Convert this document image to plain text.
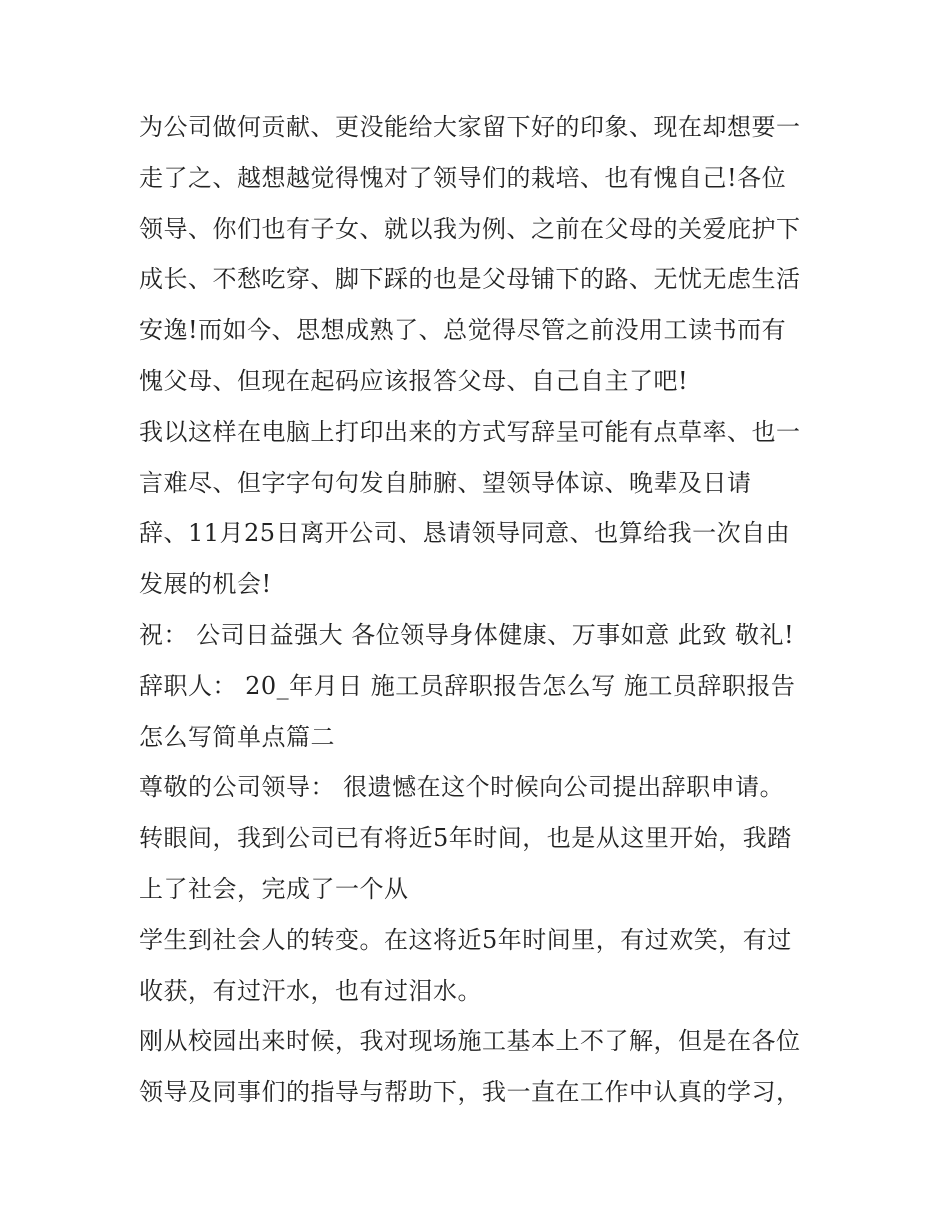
为公司做何贡献、更没能给大家留下好的印象、现在却想要一
走了之、越想越觉得愧对了领导们的栽培、也有愧自己!各位
领导、你们也有子女、就以我为例、之前在父母的关爱庇护下
成长、不愁吃穿、脚下踩的也是父母铺下的路、无忧无虑生活
安逸!而如今、思想成熟了、总觉得尽管之前没用工读书而有
愧父母、但现在起码应该报答父母、自己自主了吧!
我以这样在电脑上打印出来的方式写辞呈可能有点草率、也一
言难尽、但字字句句发自肺腑、望领导体谅、晚辈及日请
辞、11月25日离开公司、恳请领导同意、也算给我一次自由
发展的机会!
祝： 公司日益强大 各位领导身体健康、万事如意 此致 敬礼!
辞职人： 20_年月日 施工员辞职报告怎么写 施工员辞职报告
怎么写简单点篇二
尊敬的公司领导： 很遗憾在这个时候向公司提出辞职申请。
转眼间，我到公司已有将近5年时间，也是从这里开始，我踏
上了社会，完成了一个从
学生到社会人的转变。在这将近5年时间里，有过欢笑，有过
收获，有过汗水，也有过泪水。
刚从校园出来时候，我对现场施工基本上不了解，但是在各位
领导及同事们的指导与帮助下，我一直在工作中认真的学习，
